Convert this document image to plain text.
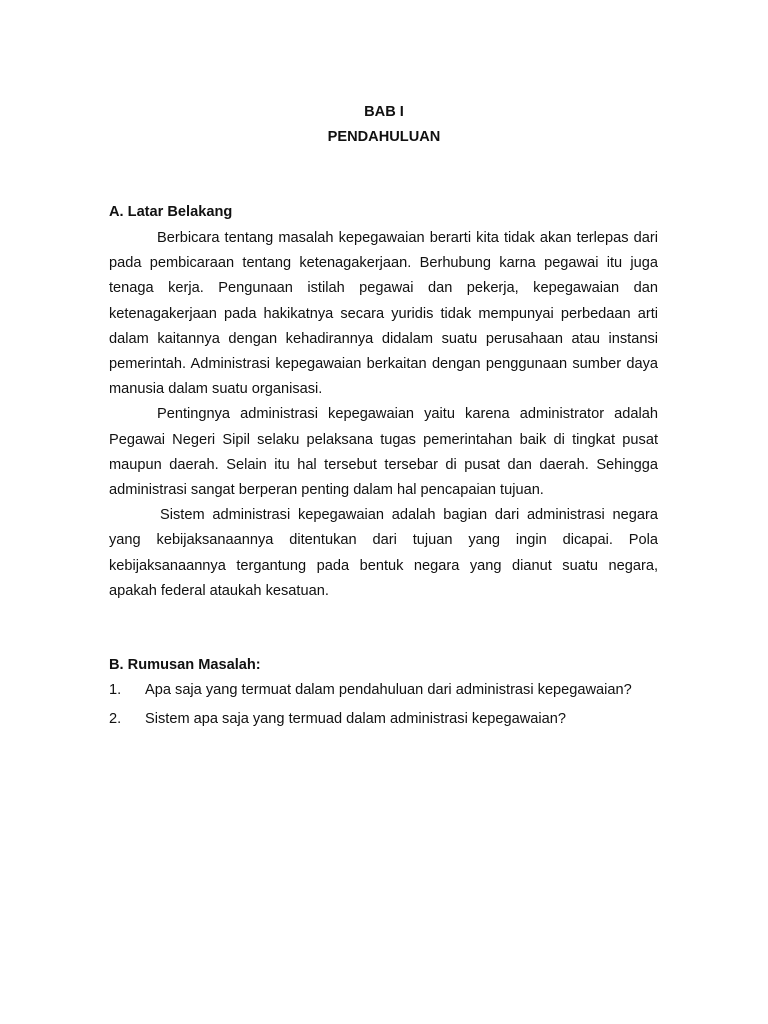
BAB I
PENDAHULUAN
A. Latar Belakang

Berbicara tentang masalah kepegawaian berarti kita tidak akan terlepas dari pada pembicaraan tentang ketenagakerjaan. Berhubung karna pegawai itu juga tenaga kerja. Pengunaan istilah pegawai dan pekerja, kepegawaian dan ketenagakerjaan pada hakikatnya secara yuridis tidak mempunyai perbedaan arti dalam kaitannya dengan kehadirannya didalam suatu perusahaan atau instansi pemerintah. Administrasi kepegawaian berkaitan dengan penggunaan sumber daya manusia dalam suatu organisasi.

Pentingnya administrasi kepegawaian yaitu karena administrator adalah Pegawai Negeri Sipil selaku pelaksana tugas pemerintahan baik di tingkat pusat maupun daerah. Selain itu hal tersebut tersebar di pusat dan daerah. Sehingga administrasi sangat berperan penting dalam hal pencapaian tujuan.

Sistem administrasi kepegawaian adalah bagian dari administrasi negara yang kebijaksanaannya ditentukan dari tujuan yang ingin dicapai. Pola kebijaksanaannya tergantung pada bentuk negara yang dianut suatu negara, apakah federal ataukah kesatuan.

B. Rumusan Masalah:
1. Apa saja yang termuat dalam pendahuluan dari administrasi kepegawaian?
2. Sistem apa saja yang termuad dalam administrasi kepegawaian?
